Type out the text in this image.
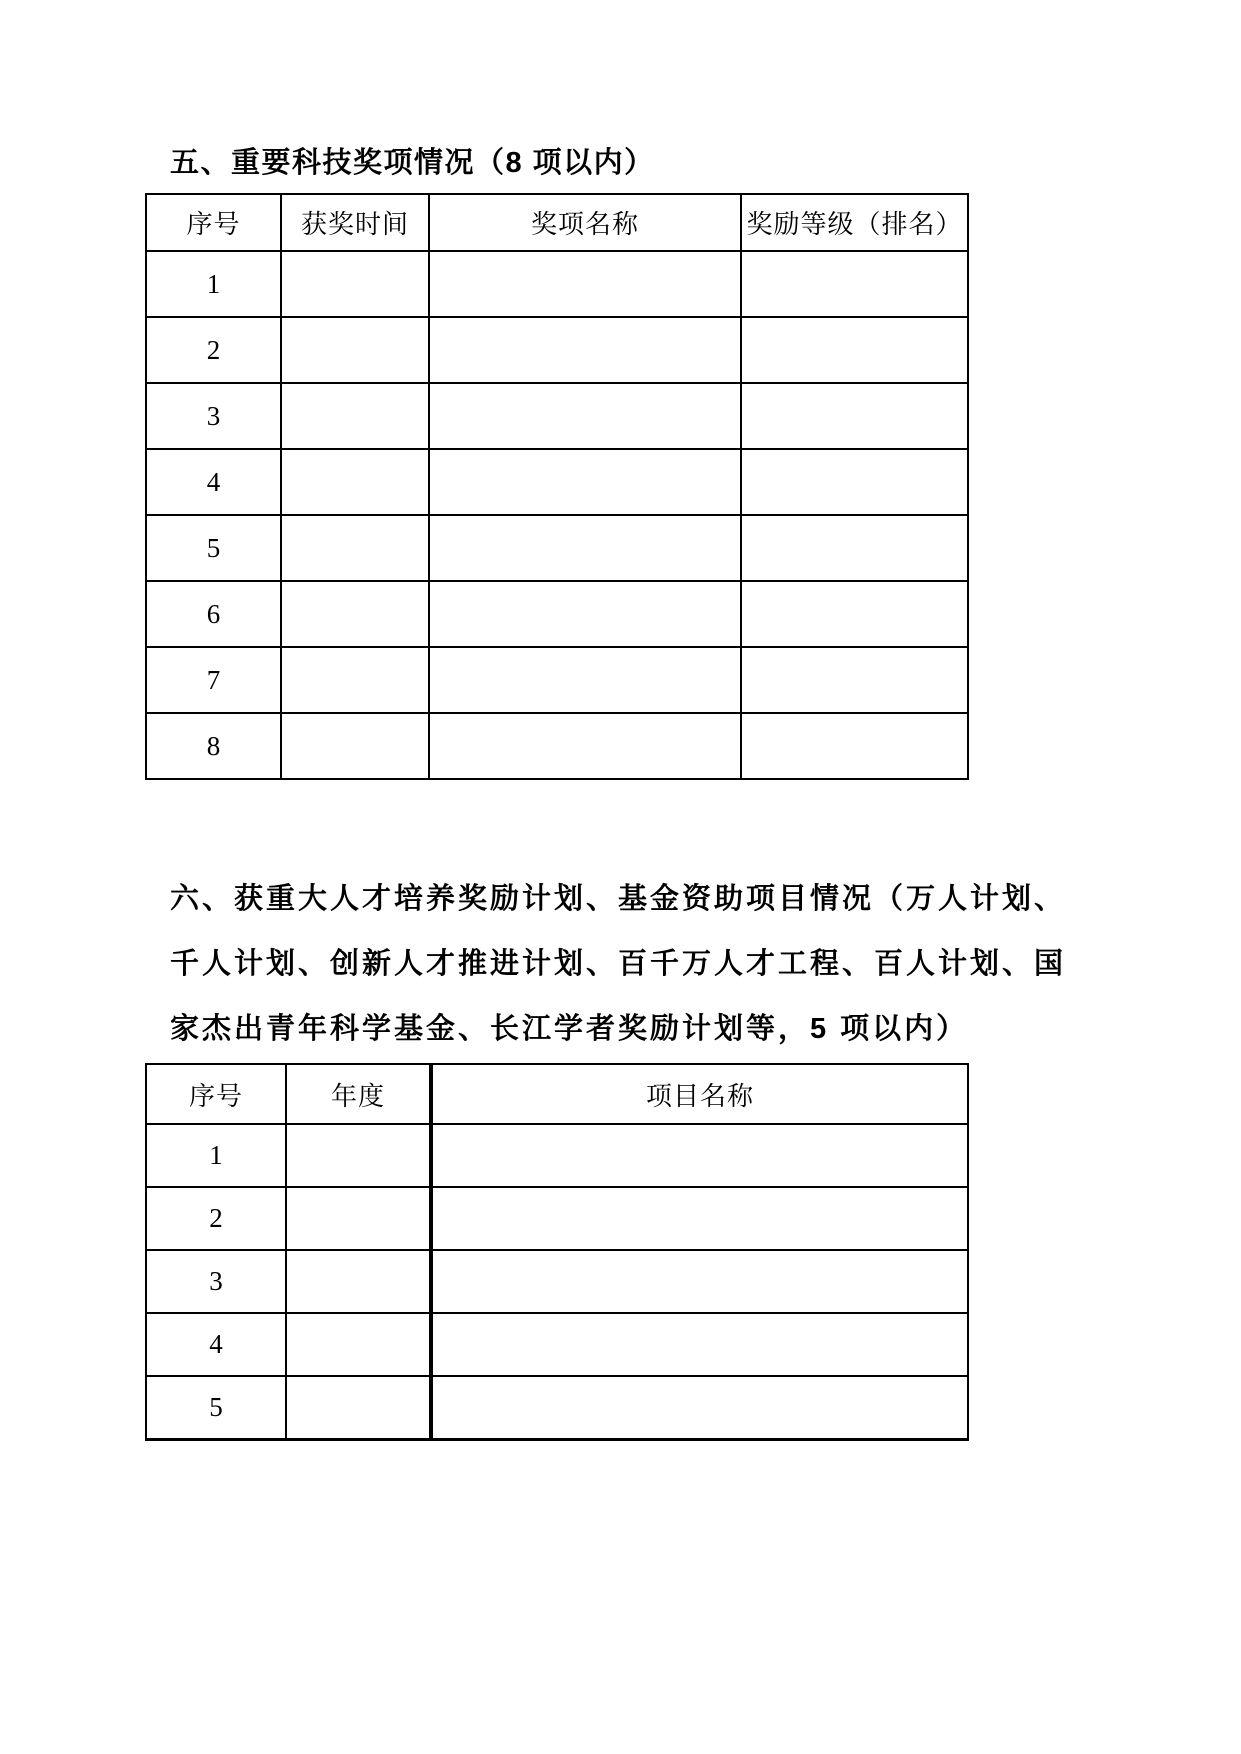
五、重要科技奖项情况（8 项以内）
序号	获奖时间	奖项名称	奖励等级（排名）
1			
2			
3			
4			
5			
6			
7			
8			
六、获重大人才培养奖励计划、基金资助项目情况（万人计划、
千人计划、创新人才推进计划、百千万人才工程、百人计划、国
家杰出青年科学基金、长江学者奖励计划等，5 项以内）
序号	年度	项目名称
1		
2		
3		
4		
5		
